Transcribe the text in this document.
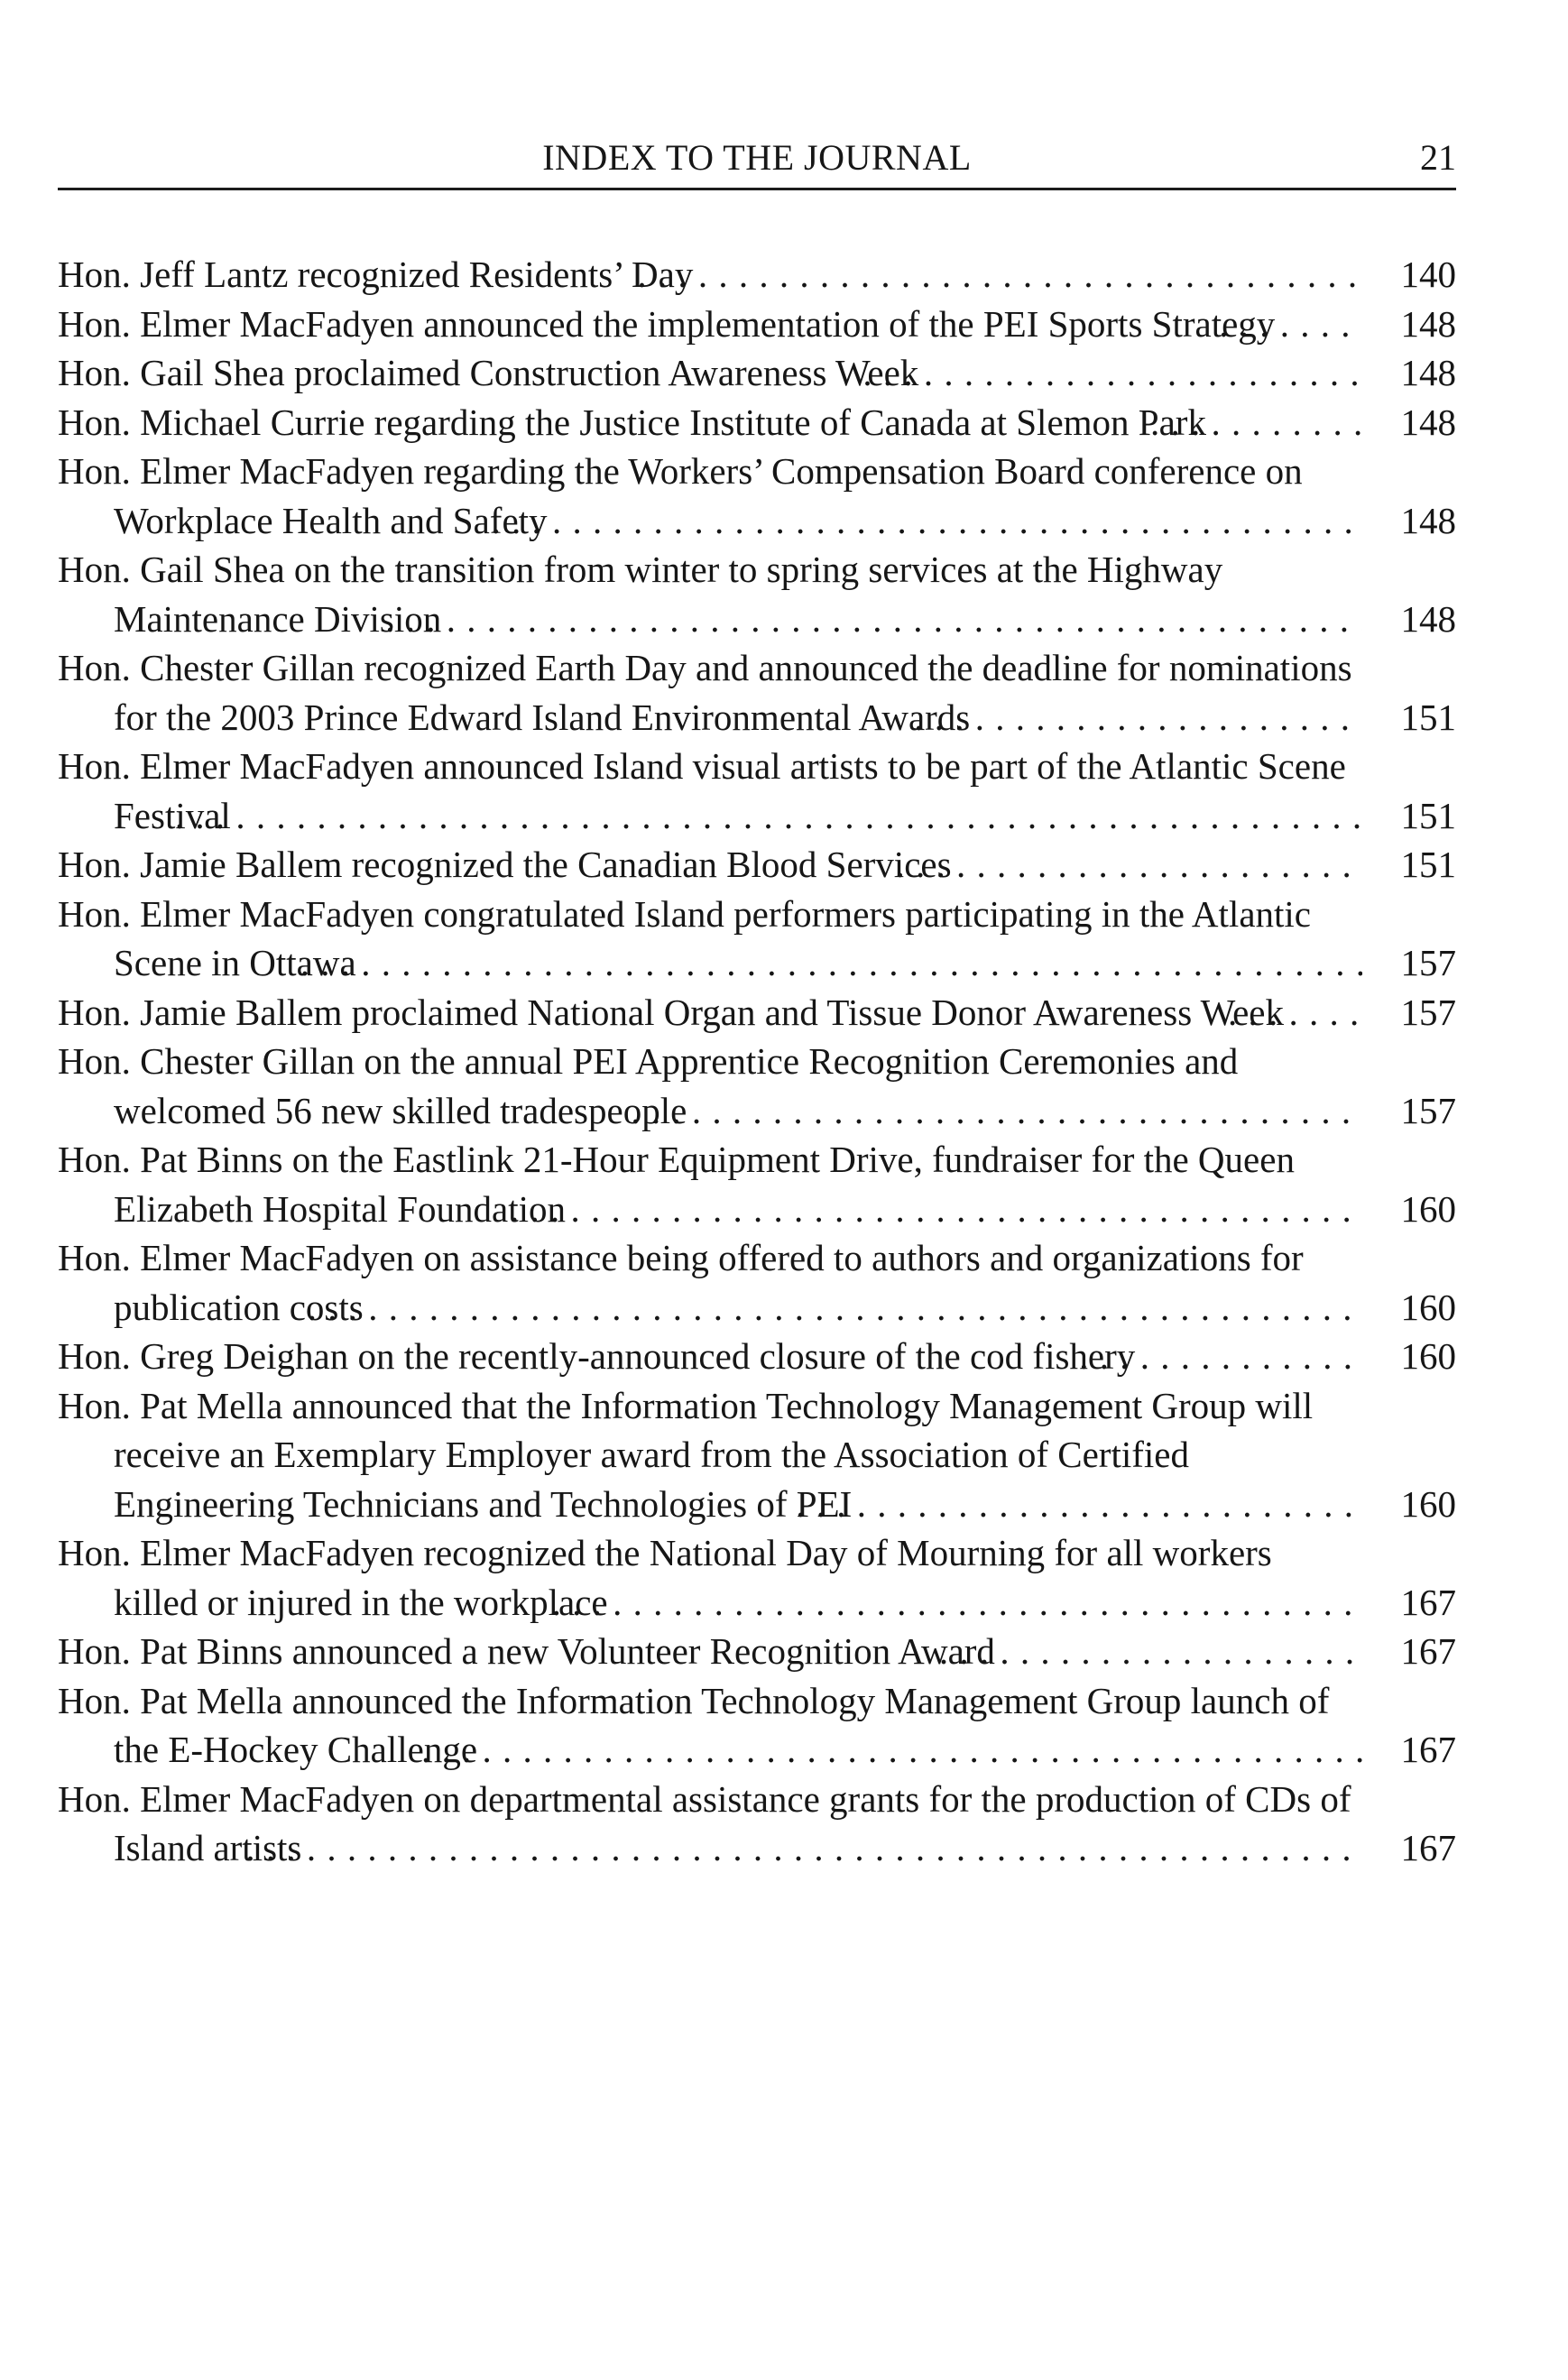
INDEX TO THE JOURNAL	21
Hon. Jeff Lantz recognized Residents’ Day . . .	140
Hon. Elmer MacFadyen announced the implementation of the PEI Sports Strategy . . .	148
Hon. Gail Shea proclaimed Construction Awareness Week . . .	148
Hon. Michael Currie regarding the Justice Institute of Canada at Slemon Park . . .	148
Hon. Elmer MacFadyen regarding the Workers’ Compensation Board conference on Workplace Health and Safety . . .	148
Hon. Gail Shea on the transition from winter to spring services at the Highway Maintenance Division . . .	148
Hon. Chester Gillan recognized Earth Day and announced the deadline for nominations for the 2003 Prince Edward Island Environmental Awards . . .	151
Hon. Elmer MacFadyen announced Island visual artists to be part of the Atlantic Scene Festival . . .	151
Hon. Jamie Ballem recognized the Canadian Blood Services . . .	151
Hon. Elmer MacFadyen congratulated Island performers participating in the Atlantic Scene in Ottawa . . .	157
Hon. Jamie Ballem proclaimed National Organ and Tissue Donor Awareness Week . . .	157
Hon. Chester Gillan on the annual PEI Apprentice Recognition Ceremonies and welcomed 56 new skilled tradespeople . . .	157
Hon. Pat Binns on the Eastlink 21-Hour Equipment Drive, fundraiser for the Queen Elizabeth Hospital Foundation . . .	160
Hon. Elmer MacFadyen on assistance being offered to authors and organizations for publication costs . . .	160
Hon. Greg Deighan on the recently-announced closure of the cod fishery . . .	160
Hon. Pat Mella announced that the Information Technology Management Group will receive an Exemplary Employer award from the Association of Certified Engineering Technicians and Technologies of PEI . . .	160
Hon. Elmer MacFadyen recognized the National Day of Mourning for all workers killed or injured in the workplace . . .	167
Hon. Pat Binns announced a new Volunteer Recognition Award . . .	167
Hon. Pat Mella announced the Information Technology Management Group launch of the E-Hockey Challenge . . .	167
Hon. Elmer MacFadyen on departmental assistance grants for the production of CDs of Island artists . . .	167
